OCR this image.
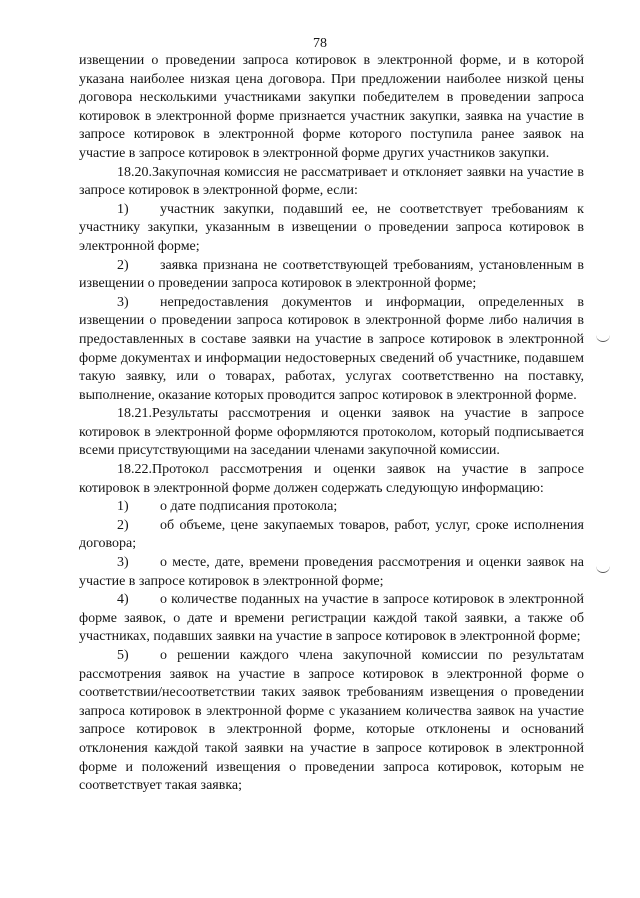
78

извещении о проведении запроса котировок в электронной форме, и в которой указана наиболее низкая цена договора. При предложении наиболее низкой цены договора несколькими участниками закупки победителем в проведении запроса котировок в электронной форме признается участник закупки, заявка на участие в запросе котировок в электронной форме которого поступила ранее заявок на участие в запросе котировок в электронной форме других участников закупки.

18.20.Закупочная комиссия не рассматривает и отклоняет заявки на участие в запросе котировок в электронной форме, если:

1) участник закупки, подавший ее, не соответствует требованиям к участнику закупки, указанным в извещении о проведении запроса котировок в электронной форме;

2) заявка признана не соответствующей требованиям, установленным в извещении о проведении запроса котировок в электронной форме;

3) непредоставления документов и информации, определенных в извещении о проведении запроса котировок в электронной форме либо наличия в предоставленных в составе заявки на участие в запросе котировок в электронной форме документах и информации недостоверных сведений об участнике, подавшем такую заявку, или о товарах, работах, услугах соответственно на поставку, выполнение, оказание которых проводится запрос котировок в электронной форме.

18.21.Результаты рассмотрения и оценки заявок на участие в запросе котировок в электронной форме оформляются протоколом, который подписывается всеми присутствующими на заседании членами закупочной комиссии.

18.22.Протокол рассмотрения и оценки заявок на участие в запросе котировок в электронной форме должен содержать следующую информацию:

1) о дате подписания протокола;

2) об объеме, цене закупаемых товаров, работ, услуг, сроке исполнения договора;

3) о месте, дате, времени проведения рассмотрения и оценки заявок на участие в запросе котировок в электронной форме;

4) о количестве поданных на участие в запросе котировок в электронной форме заявок, о дате и времени регистрации каждой такой заявки, а также об участниках, подавших заявки на участие в запросе котировок в электронной форме;

5) о решении каждого члена закупочной комиссии по результатам рассмотрения заявок на участие в запросе котировок в электронной форме о соответствии/несоответствии таких заявок требованиям извещения о проведении запроса котировок в электронной форме с указанием количества заявок на участие запросе котировок в электронной форме, которые отклонены и оснований отклонения каждой такой заявки на участие в запросе котировок в электронной форме и положений извещения о проведении запроса котировок, которым не соответствует такая заявка;
